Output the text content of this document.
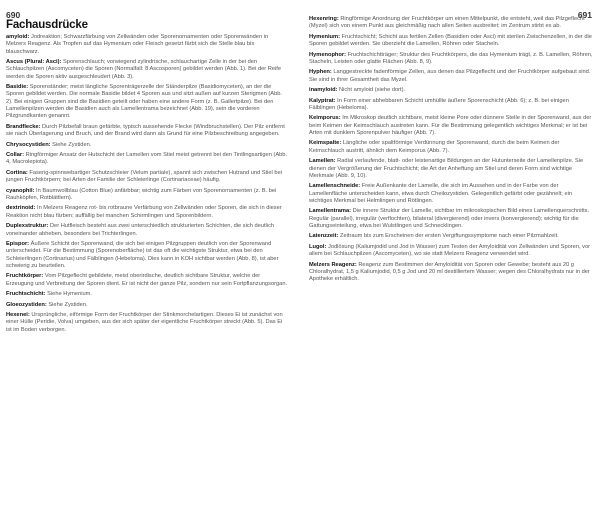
690	691
Fachausdrücke

amyloid: Jodreaktion; Schwarzfärbung von Zellwänden oder Sporenornamenten oder Sporenwänden in Melzers Reagenz. Als Tropfen auf das Hymenium oder Fleisch gesetzt färbt sich die Stelle blau bis blauschwarz.

Ascus (Plural: Asci): Sporenschlauch; vorwiegend zylindrische, schlauchartige Zelle in der bei den Schlauchpilzen (Ascomyceten) die Sporen (Normalfall: 8 Ascosporen) gebildet werden (Abb. 1). Bei der Reife werden die Sporen aktiv ausgeschleudert (Abb. 3).

Basidie: Sporenständer; meist längliche Sporenträgerzelle der Ständerpilze (Basidiomyceten), an der die Sporen gebildet werden. Die normale Basidie bildet 4 Sporen aus und sitzt außen auf kurzen Sterigmen (Abb. 2). Bei einigen Gruppen sind die Basidien geteilt oder haben eine andere Form (z. B. Gallertpilze). Bei den Lamellenpilzen werden die Basidien auch als Lamellentrama bezeichnet (Abb. 19), sein die vorderen Pilzgrundkanten genannt.

Brandflecke: Durch Pilzbefall braun gefärbte, typisch aussehende Flecke (Windbruchstellen). Der Pilz entfernt sie nach Überlagerung und Bruch, und der Brand wird dann als Grund für eine Pilzbeschreibung angegeben.

Chrysocystiden: Siehe Zystiden.

Collar: Ringförmiger Ansatz der Hutschicht der Lamellen vom Stiel meist getrennt bei den Tintlingsartigen (Abb. 4, Macrolepiota).

Cortina: Faserig-spinnwebartiger Schutzschleier (Velum partiale), spannt sich zwischen Hutrand und Stiel bei jungen Fruchtkörpern; bei Arten der Familie der Schleierlinge (Cortinariaceae) häufig.

cyanophil: In Baumwollblau (Cotton Blue) anfärbbar; wichtig zum Färben von Sporenornamenten (z. B. bei Rauhköpfen, Rotblättlern).

dextrinoid: In Melzers Reagenz rot- bis rotbraune Verfärbung von Zellwänden oder Sporen, die sich in dieser Reaktion nicht blau färben; auffällig bei manchen Schirmlingen und Sporenbildern.

Duplexstruktur: Der Hutfleisch besteht aus zwei unterschiedlich strukturierten Schichten, die sich deutlich voneinander abheben, besonders bei Trichterlingen.

Epispor: Äußere Schicht der Sporenwand, die sich bei einigen Pilzgruppen deutlich von der Sporenwand unterscheidet. Für die Bestimmung (Sporenoberfläche) ist das oft die wichtigste Struktur, etwa bei den Schleierlingen (Cortinarius) und Fälblingen (Hebeloma). Dies kann in KOH sichtbar werden (Abb. 8), ist aber schwierig zu beurteilen.

Fruchtkörper: Vom Pilzgeflecht gebildete, meist oberirdische, deutlich sichtbare Struktur, welche der Erzeugung und Verbreitung der Sporen dient. Er ist nicht der ganze Pilz, sondern nur sein Fortpflanzungsorgan.

Fruchtschicht: Siehe Hymenium.

Gloeozystiden: Siehe Zystiden.

Hexenei: Ursprüngliche, eiförmige Form der Fruchtkörper der Stinkmorchelartigen. Dieses Ei ist zunächst von einer Hülle (Peridie, Volva) umgeben, aus der sich später der eigentliche Fruchtkörper streckt (Abb. 5). Das Ei ist im Boden verborgen.

Hexenring: Ringförmige Anordnung der Fruchtkörper um einen Mittelpunkt, die entsteht, weil das Pilzgeflecht (Myzel) sich von einem Punkt aus gleichmäßig nach allen Seiten ausbreitet; im Zentrum stirbt es ab.

Hymenium: Fruchtschicht; Schicht aus fertilen Zellen (Basidien oder Asci) mit sterilen Zwischenzellen, in der die Sporen gebildet werden. Sie überzieht die Lamellen, Röhren oder Stacheln.

Hymenophor: Fruchtschichtträger; Struktur des Fruchtkörpers, die das Hymenium trägt, z. B. Lamellen, Röhren, Stacheln, Leisten oder glatte Flächen (Abb. 8, 9).

Hyphen: Langgestreckte fadenförmige Zellen, aus denen das Pilzgeflecht und der Fruchtkörper aufgebaut sind. Sie sind in ihrer Gesamtheit das Myzel.

inamyloid: Nicht amyloid (siehe dort).

Kalyptrat: In Form einer abhebbaren Schicht umhüllte äußere Sporenschicht (Abb. 6); z. B. bei einigen Fälblingen (Hebeloma).

Keimporus: Im Mikroskop deutlich sichtbare, meist kleine Pore oder dünnere Stelle in der Sporenwand, aus der beim Keimen der Keimschlauch austreten kann. Für die Bestimmung gelegentlich wichtiges Merkmal; er ist bei Arten mit dunklem Sporenpulver häufiger (Abb. 7).

Keimspalte: Längliche oder spaltförmige Verdünnung der Sporenwand, durch die beim Keimen der Keimschlauch austritt, ähnlich dem Keimporus (Abb. 7).

Lamellen: Radial verlaufende, blatt- oder leistenartige Bildungen an der Hutunterseite der Lamellenpilze. Sie dienen der Vergrößerung der Fruchtschicht; die Art der Anheftung am Stiel und deren Form sind wichtige Merkmale (Abb. 9, 10).

Lamellenschneide: Freie Außenkante der Lamelle, die sich im Aussehen und in der Farbe von der Lamellenfläche unterscheiden kann, etwa durch Cheilozystiden. Gelegentlich gefärbt oder gezähnelt; ein wichtiges Merkmal bei Helmlingen und Rötlingen.

Lamellentrama: Die innere Struktur der Lamelle, sichtbar im mikroskopischen Bild eines Lamellenquerschnitts. Regulär (parallel), irregulär (verflochten), bilateral (divergierend) oder invers (konvergierend); wichtig für die Gattungseinteilung, etwa bei Wulstlingen und Schnecklingen.

Latenzzeit: Zeitraum bis zum Erscheinen der ersten Vergiftungssymptome nach einer Pilzmahlzeit.

Lugol: Jodlösung (Kaliumjodid und Jod in Wasser) zum Testen der Amyloidität von Zellwänden und Sporen, vor allem bei Schlauchpilzen (Ascomyceten), wo sie statt Melzers Reagenz verwendet wird.

Melzers Reagenz: Reagenz zum Bestimmen der Amyloidität von Sporen oder Gewebe; besteht aus 20 g Chloralhydrat, 1,5 g Kaliumjodid, 0,5 g Jod und 20 ml destilliertem Wasser; wegen des Chloralhydrats nur in der Apotheke erhältlich.
